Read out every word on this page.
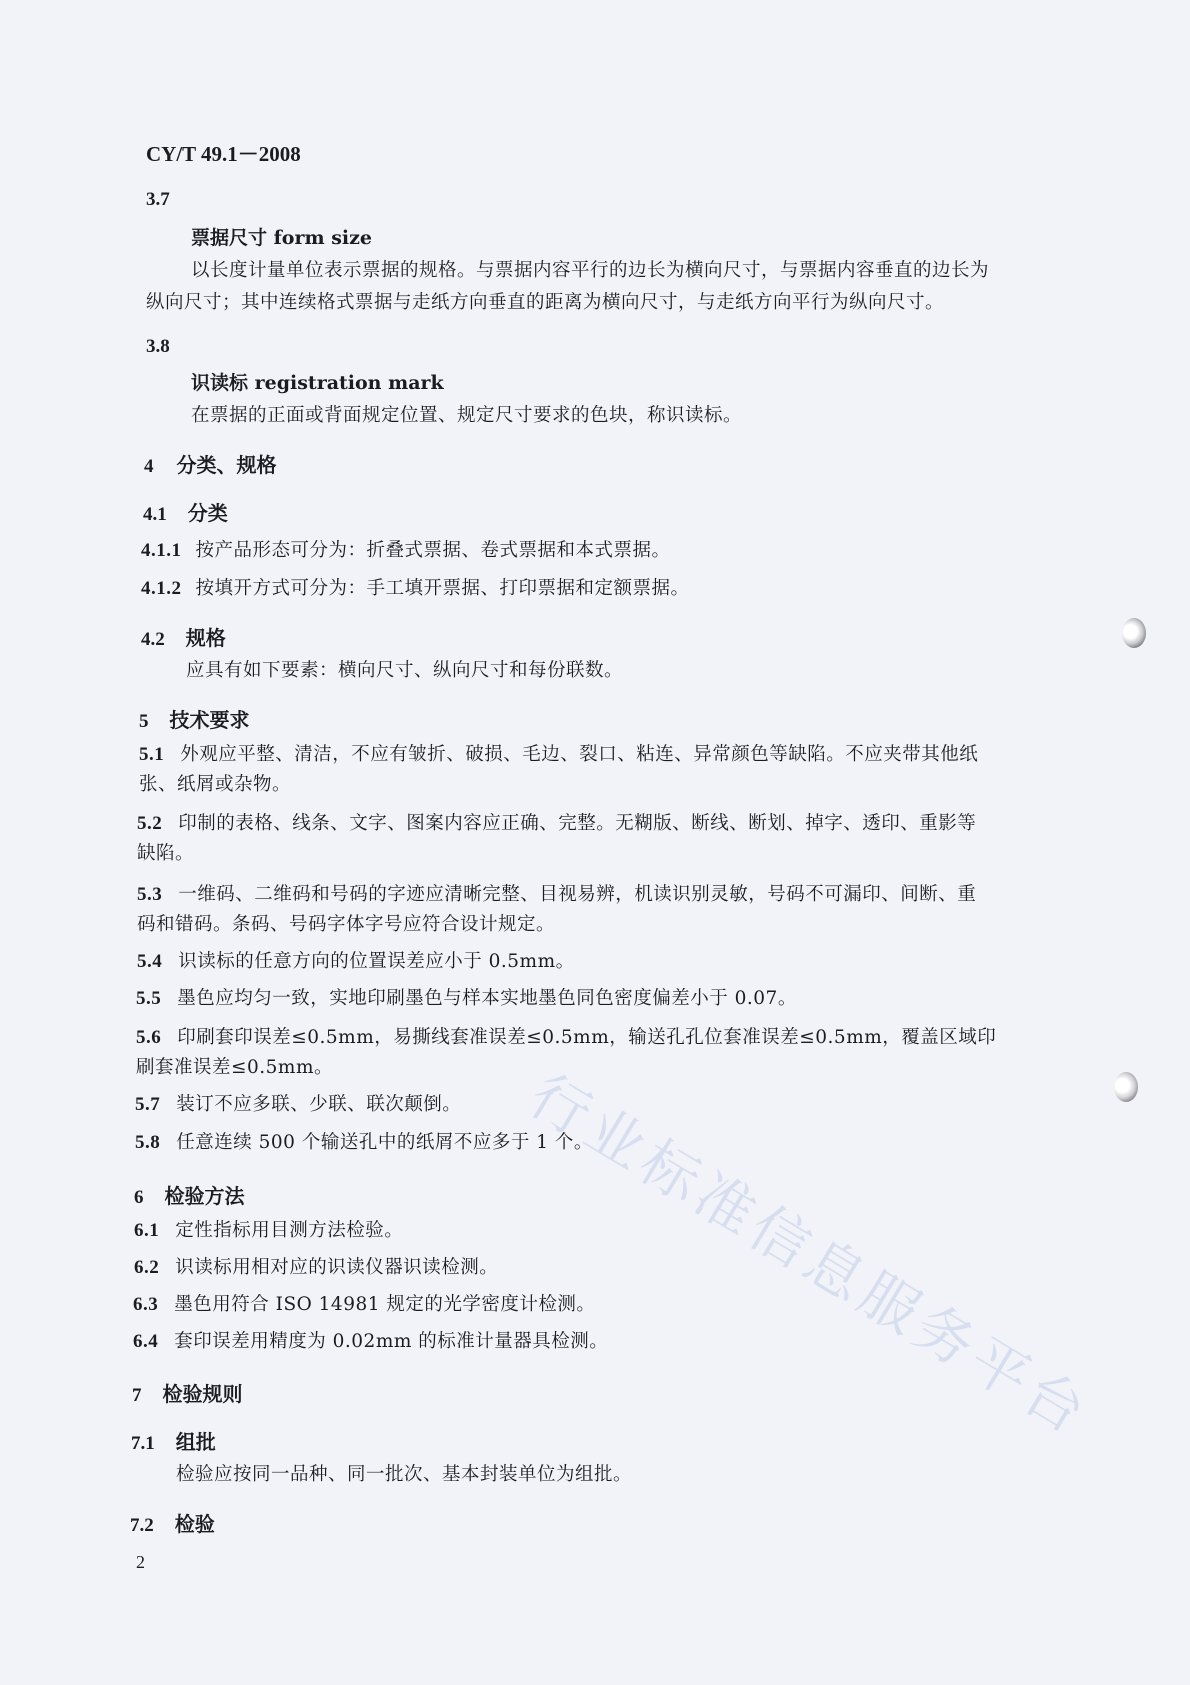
行业标准信息服务平台
CY/T 49.1－2008
3.7
票据尺寸 form size
以长度计量单位表示票据的规格。与票据内容平行的边长为横向尺寸，与票据内容垂直的边长为
纵向尺寸；其中连续格式票据与走纸方向垂直的距离为横向尺寸，与走纸方向平行为纵向尺寸。
3.8
识读标 registration mark
在票据的正面或背面规定位置、规定尺寸要求的色块，称识读标。
4 分类、规格
4.1 分类
4.1.1 按产品形态可分为：折叠式票据、卷式票据和本式票据。
4.1.2 按填开方式可分为：手工填开票据、打印票据和定额票据。
4.2 规格
应具有如下要素：横向尺寸、纵向尺寸和每份联数。
5 技术要求
5.1 外观应平整、清洁，不应有皱折、破损、毛边、裂口、粘连、异常颜色等缺陷。不应夹带其他纸
张、纸屑或杂物。
5.2 印制的表格、线条、文字、图案内容应正确、完整。无糊版、断线、断划、掉字、透印、重影等
缺陷。
5.3 一维码、二维码和号码的字迹应清晰完整、目视易辨，机读识别灵敏，号码不可漏印、间断、重
码和错码。条码、号码字体字号应符合设计规定。
5.4 识读标的任意方向的位置误差应小于 0.5mm。
5.5 墨色应均匀一致，实地印刷墨色与样本实地墨色同色密度偏差小于 0.07。
5.6 印刷套印误差≤0.5mm，易撕线套准误差≤0.5mm，输送孔孔位套准误差≤0.5mm，覆盖区域印
刷套准误差≤0.5mm。
5.7 装订不应多联、少联、联次颠倒。
5.8 任意连续 500 个输送孔中的纸屑不应多于 1 个。
6 检验方法
6.1 定性指标用目测方法检验。
6.2 识读标用相对应的识读仪器识读检测。
6.3 墨色用符合 ISO 14981 规定的光学密度计检测。
6.4 套印误差用精度为 0.02mm 的标准计量器具检测。
7 检验规则
7.1 组批
检验应按同一品种、同一批次、基本封装单位为组批。
7.2 检验
2
